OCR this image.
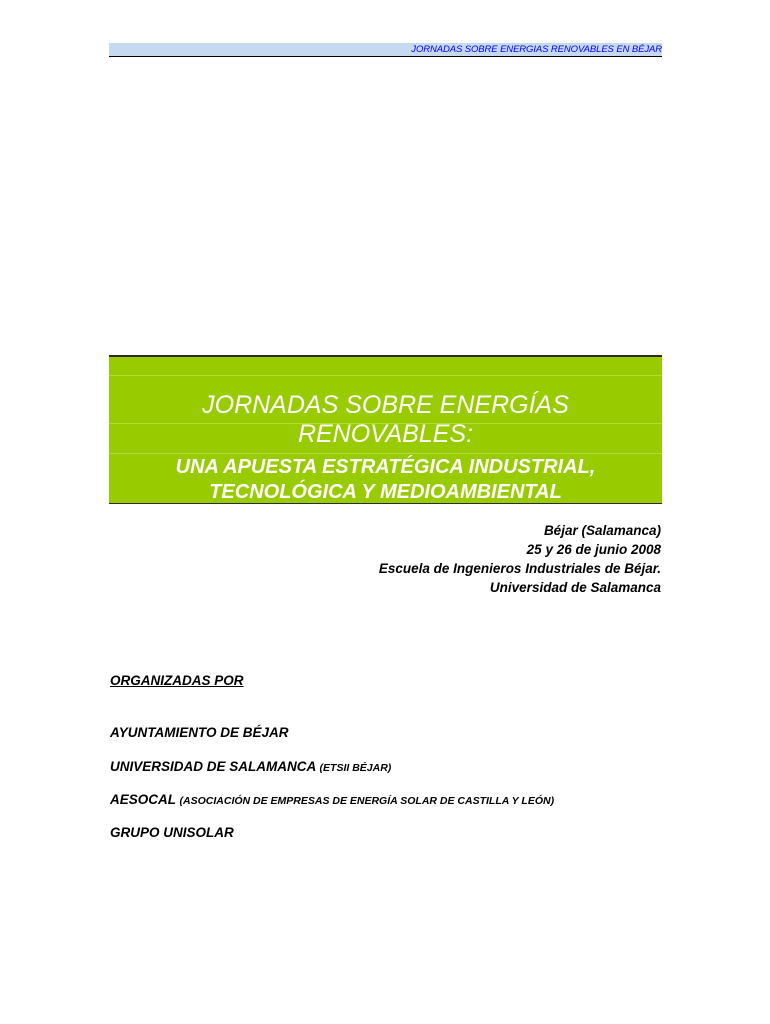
JORNADAS SOBRE ENERGIAS RENOVABLES EN BÉJAR
JORNADAS SOBRE ENERGÍAS
RENOVABLES:
UNA APUESTA ESTRATÉGICA INDUSTRIAL,
TECNOLÓGICA Y MEDIOAMBIENTAL
Béjar (Salamanca)
25 y 26 de junio 2008
Escuela de Ingenieros Industriales de Béjar.
Universidad de Salamanca
ORGANIZADAS POR
AYUNTAMIENTO DE BÉJAR
UNIVERSIDAD DE SALAMANCA (ETSII BÉJAR)
AESOCAL (ASOCIACIÓN DE EMPRESAS DE ENERGÍA SOLAR DE CASTILLA Y LEÓN)
GRUPO UNISOLAR
